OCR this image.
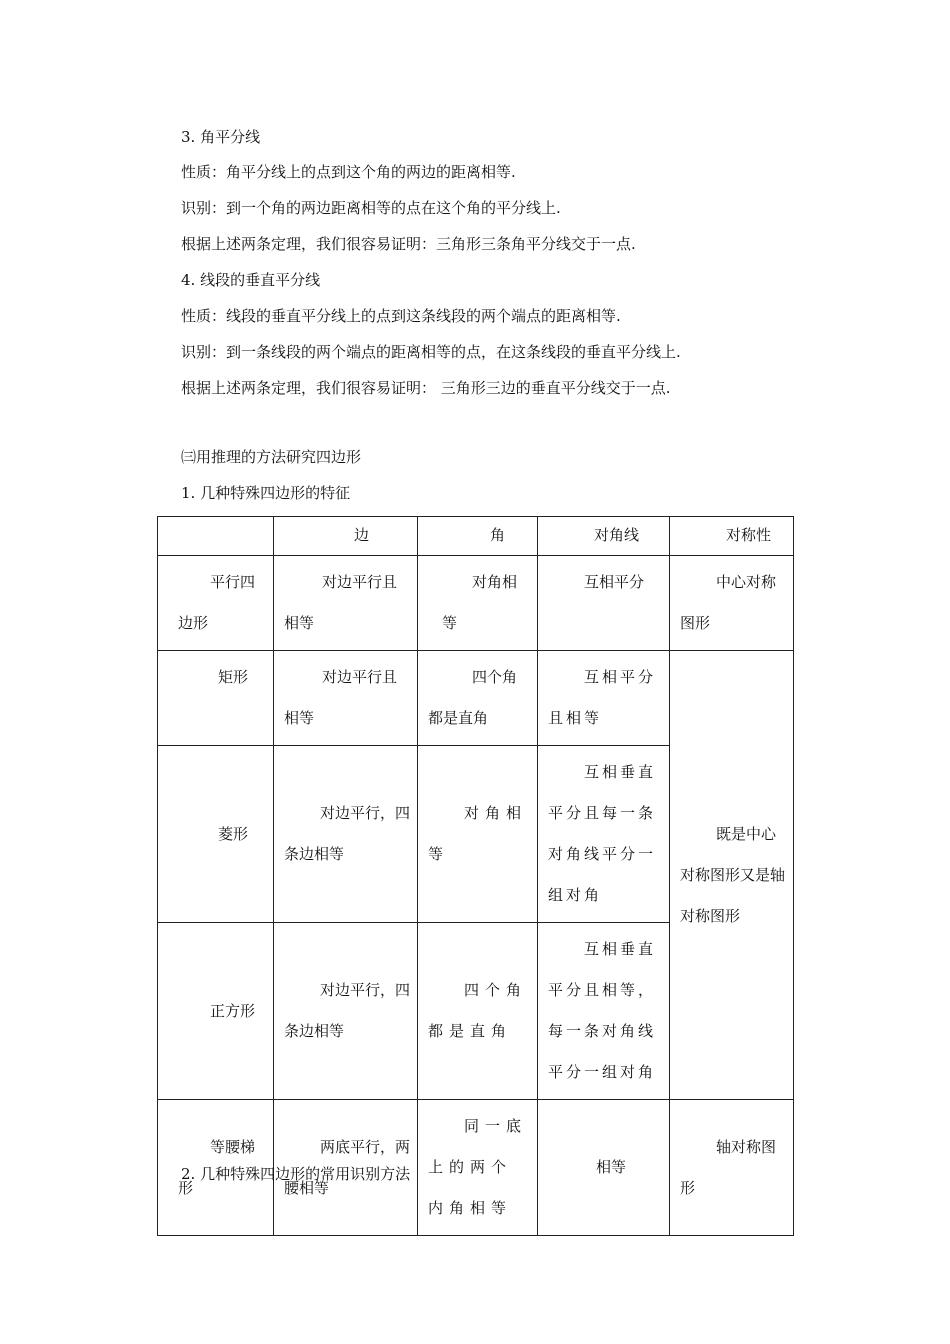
3. 角平分线
性质：角平分线上的点到这个角的两边的距离相等.
识别：到一个角的两边距离相等的点在这个角的平分线上.
根据上述两条定理，我们很容易证明：三角形三条角平分线交于一点.
4. 线段的垂直平分线
性质：线段的垂直平分线上的点到这条线段的两个端点的距离相等.
识别：到一条线段的两个端点的距离相等的点，在这条线段的垂直平分线上.
根据上述两条定理，我们很容易证明： 三角形三边的垂直平分线交于一点.
㈢用推理的方法研究四边形
1. 几种特殊四边形的特征
	边	角	对角线	对称性
平行四边形	对边平行且相等	对角相等	互相平分	中心对称图形
矩形	对边平行且相等	四个角都是直角	互相平分且相等	既是中心对称图形又是轴对称图形
菱形	对边平行，四条边相等	对角相等	互相垂直平分且每一条对角线平分一组对角	
正方形	对边平行，四条边相等	四个角都是直角	互相垂直平分且相等，每一条对角线平分一组对角	
等腰梯形	两底平行，两腰相等	同一底上的两个内角相等	相等	轴对称图形
2. 几种特殊四边形的常用识别方法
